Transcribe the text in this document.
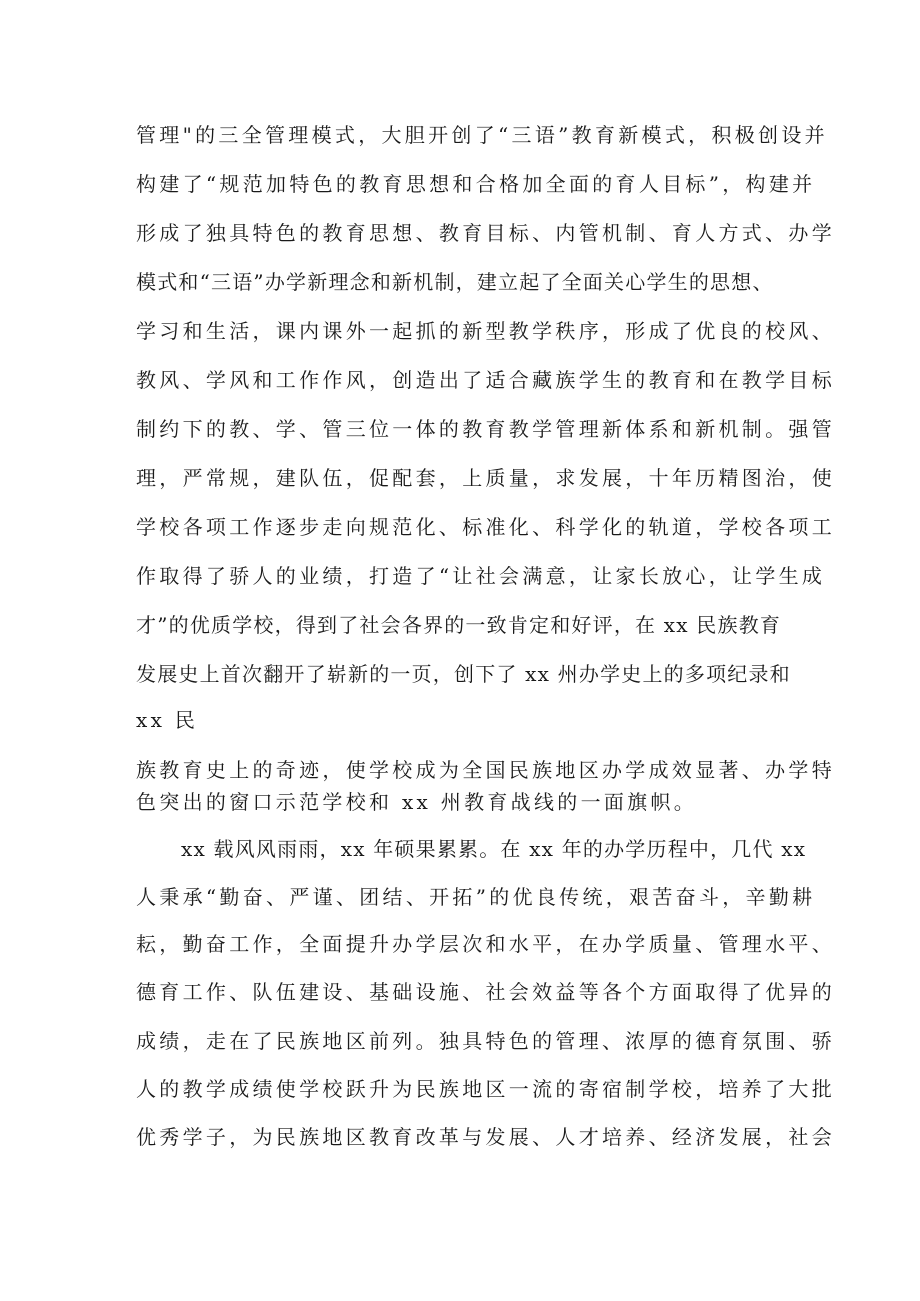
管理"的三全管理模式，大胆开创了“三语”教育新模式，积极创设并
构建了“规范加特色的教育思想和合格加全面的育人目标”，构建并
形成了独具特色的教育思想、教育目标、内管机制、育人方式、办学
模式和“三语”办学新理念和新机制，建立起了全面关心学生的思想、
学习和生活，课内课外一起抓的新型教学秩序，形成了优良的校风、
教风、学风和工作作风，创造出了适合藏族学生的教育和在教学目标
制约下的教、学、管三位一体的教育教学管理新体系和新机制。强管
理，严常规，建队伍，促配套，上质量，求发展，十年历精图治，使
学校各项工作逐步走向规范化、标准化、科学化的轨道，学校各项工
作取得了骄人的业绩，打造了“让社会满意，让家长放心，让学生成
才”的优质学校，得到了社会各界的一致肯定和好评，在 xx 民族教育
发展史上首次翻开了崭新的一页，创下了 xx 州办学史上的多项纪录和
xx 民
族教育史上的奇迹，使学校成为全国民族地区办学成效显著、办学特
色突出的窗口示范学校和 xx 州教育战线的一面旗帜。
xx 载风风雨雨，xx 年硕果累累。在 xx 年的办学历程中，几代 xx
人秉承“勤奋、严谨、团结、开拓”的优良传统，艰苦奋斗，辛勤耕
耘，勤奋工作，全面提升办学层次和水平，在办学质量、管理水平、
德育工作、队伍建设、基础设施、社会效益等各个方面取得了优异的
成绩，走在了民族地区前列。独具特色的管理、浓厚的德育氛围、骄
人的教学成绩使学校跃升为民族地区一流的寄宿制学校，培养了大批
优秀学子，为民族地区教育改革与发展、人才培养、经济发展，社会
